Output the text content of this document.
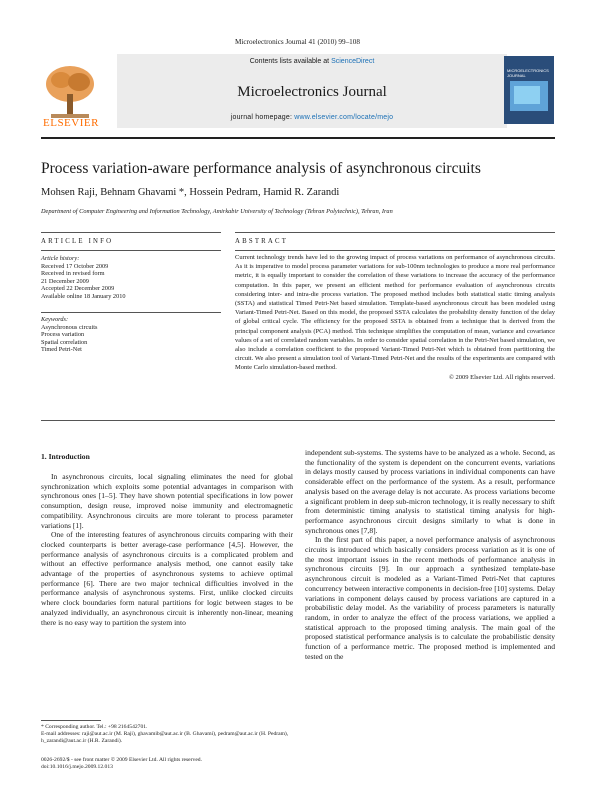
Microelectronics Journal 41 (2010) 99–108
ELSEVIER
Contents lists available at ScienceDirect
Microelectronics Journal
journal homepage: www.elsevier.com/locate/mejo
MICROELECTRONICS JOURNAL
Process variation-aware performance analysis of asynchronous circuits
Mohsen Raji, Behnam Ghavami *, Hossein Pedram, Hamid R. Zarandi
Department of Computer Engineering and Information Technology, Amirkabir University of Technology (Tehran Polytechnic), Tehran, Iran
ARTICLE INFO
Article history:
Received 17 October 2009
Received in revised form
21 December 2009
Accepted 22 December 2009
Available online 18 January 2010
Keywords:
Asynchronous circuits
Process variation
Spatial correlation
Timed Petri-Net
ABSTRACT

Current technology trends have led to the growing impact of process variations on performance of asynchronous circuits. As it is imperative to model process parameter variations for sub-100nm technologies to produce a more real performance metric, it is equally important to consider the correlation of these variations to increase the accuracy of the performance computation. In this paper, we present an efficient method for performance evaluation of asynchronous circuits considering inter- and intra-die process variation. The proposed method includes both statistical static timing analysis (SSTA) and statistical Timed Petri-Net based simulation. Template-based asynchronous circuit has been modeled using Variant-Timed Petri-Net. Based on this model, the proposed SSTA calculates the probability density function of the delay of global critical cycle. The efficiency for the proposed SSTA is obtained from a technique that is derived from the principal component analysis (PCA) method. This technique simplifies the computation of mean, variance and covariance values of a set of correlated random variables. In order to consider spatial correlation in the Petri-Net based simulation, we also include a correlation coefficient to the proposed Variant-Timed Petri-Net which is obtained from partitioning the circuit. We also present a simulation tool of Variant-Timed Petri-Net and the results of the experiments are compared with Monte Carlo simulation-based method.

© 2009 Elsevier Ltd. All rights reserved.

1. Introduction

In asynchronous circuits, local signaling eliminates the need for global synchronization which exploits some potential advantages in comparison with synchronous ones [1–5]. They have shown potential specifications in low power consumption, design reuse, improved noise immunity and electromagnetic compatibility. Asynchronous circuits are more tolerant to process parameter variations [1].

One of the interesting features of asynchronous circuits comparing with their clocked counterparts is better average-case performance [4,5]. However, the performance analysis of asynchronous circuits is a complicated problem and without an effective performance analysis method, one cannot easily take advantage of the properties of asynchronous systems to achieve optimal performance [6]. There are two major technical difficulties involved in the performance analysis of asynchronous systems. First, unlike clocked circuits where clock boundaries form natural partitions for logic between stages to be analyzed individually, an asynchronous circuit is inherently non-linear, meaning there is no easy way to partition the system into

* Corresponding author. Tel.: +98 2164542701.
E-mail addresses: raji@aut.ac.ir (M. Raji), ghavamib@aut.ac.ir (B. Ghavami), pedram@aut.ac.ir (H. Pedram), h_zarandi@aut.ac.ir (H.R. Zarandi).
0026-2692/$ - see front matter © 2009 Elsevier Ltd. All rights reserved.
doi:10.1016/j.mejo.2009.12.013

independent sub-systems. The systems have to be analyzed as a whole. Second, as the functionality of the system is dependent on the concurrent events, variations in delays mostly caused by process variations in individual components can have considerable effect on the performance of the system. As a result, performance analysis based on the average delay is not accurate. As process variations become a significant problem in deep sub-micron technology, it is really necessary to shift from deterministic timing analysis to statistical timing analysis for high-performance asynchronous circuit designs similarly to what is done in synchronous ones [7,8].

In the first part of this paper, a novel performance analysis of asynchronous circuits is introduced which basically considers process variation as it is one of the most important issues in the recent methods of performance analysis in synchronous circuits [9]. In our approach a synthesized template-base asynchronous circuit is modeled as a Variant-Timed Petri-Net that captures concurrency between interactive components in decision-free [10] systems. Delay variations in component delays caused by process variations are captured in a probabilistic delay model. As the variability of process parameters is naturally random, in order to analyze the effect of the process variations, we applied a statistical approach to the proposed timing analysis. The main goal of the proposed statistical performance analysis is to calculate the probabilistic density function of a performance metric. The proposed method is implemented and tested on the
